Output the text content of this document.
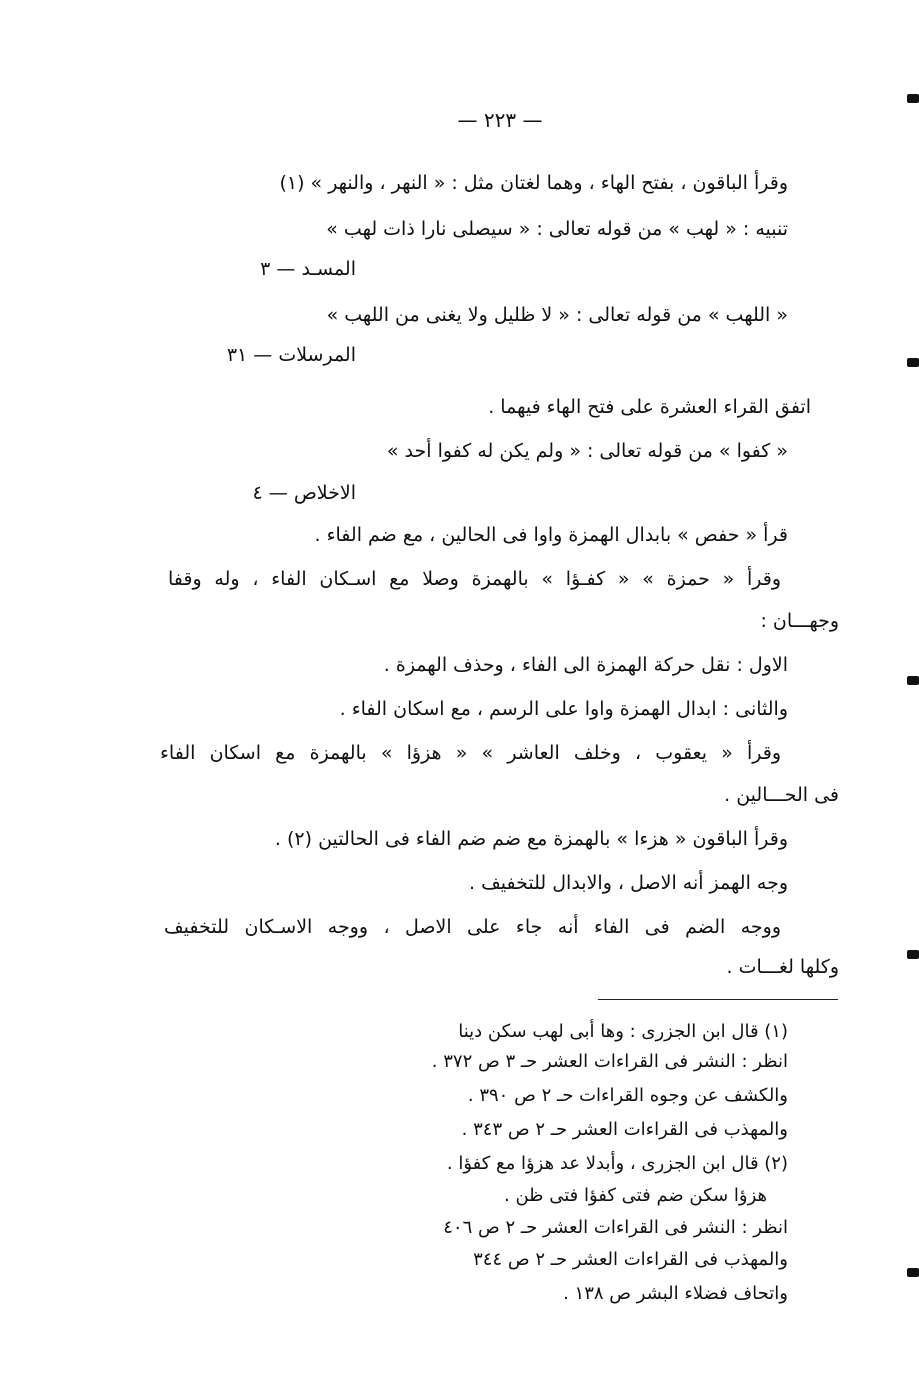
— ٢٢٣ —
وقرأ الباقون ، بفتح الهاء ، وهما لغتان مثل : « النهر ، والنهر » (١)
تنبيه : « لهب » من قوله تعالى : « سيصلى نارا ذات لهب »
المسـد — ٣
« اللهب » من قوله تعالى : « لا ظليل ولا يغنى من اللهب »
المرسلات — ٣١
اتفق القراء العشرة على فتح الهاء فيهما .
« كفوا » من قوله تعالى : « ولم يكن له كفوا أحد »
الاخلاص — ٤
قرأ « حفص » بابدال الهمزة واوا فى الحالين ، مع ضم الفاء .
وقرأ « حمزة » « كفـؤا » بالهمزة وصلا مع اسـكان الفاء ، وله وقفا
وجهـــان :
الاول : نقل حركة الهمزة الى الفاء ، وحذف الهمزة .
والثانى : ابدال الهمزة واوا على الرسم ، مع اسكان الفاء .
وقرأ « يعقوب ، وخلف العاشر » « هزؤا » بالهمزة مع اسكان الفاء
فى الحـــالين .
وقرأ الباقون « هزءا » بالهمزة مع ضم ضم الفاء فى الحالتين (٢) .
وجه الهمز أنه الاصل ، والابدال للتخفيف .
ووجه الضم فى الفاء أنه جاء على الاصل ، ووجه الاسـكان للتخفيف
وكلها لغـــات .
(١) قال ابن الجزرى : وها أبى لهب سكن دينا
انظر : النشر فى القراءات العشر حـ ٣ ص ٣٧٢ .
والكشف عن وجوه القراءات حـ ٢ ص ٣٩٠ .
والمهذب فى القراءات العشر حـ ٢ ص ٣٤٣ .
(٢) قال ابن الجزرى ، وأبدلا عد هزؤا مع كفؤا .
هزؤا سكن ضم فتى كفؤا فتى ظن .
انظر : النشر فى القراءات العشر حـ ٢ ص ٤٠٦
والمهذب فى القراءات العشر حـ ٢ ص ٣٤٤
واتحاف فضلاء البشر ص ١٣٨ .
